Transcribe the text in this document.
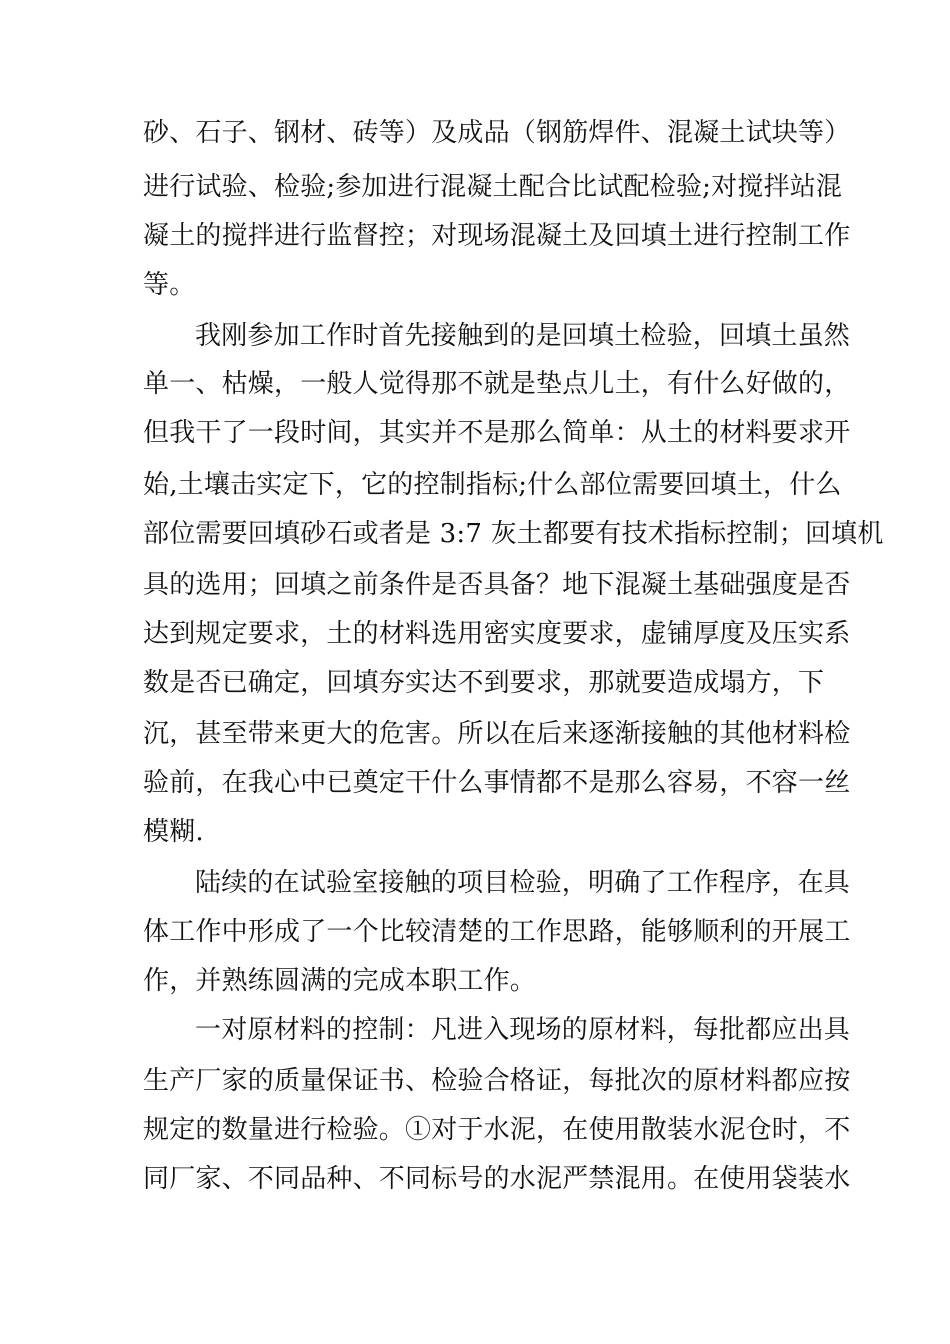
砂、石子、钢材、砖等）及成品（钢筋焊件、混凝土试块等）
进行试验、检验;参加进行混凝土配合比试配检验;对搅拌站混
凝土的搅拌进行监督控；对现场混凝土及回填土进行控制工作
等。
我刚参加工作时首先接触到的是回填土检验，回填土虽然
单一、枯燥，一般人觉得那不就是垫点儿土，有什么好做的，
但我干了一段时间，其实并不是那么简单：从土的材料要求开
始,土壤击实定下，它的控制指标;什么部位需要回填土，什么
部位需要回填砂石或者是 3:7 灰土都要有技术指标控制；回填机
具的选用；回填之前条件是否具备？地下混凝土基础强度是否
达到规定要求，土的材料选用密实度要求，虚铺厚度及压实系
数是否已确定，回填夯实达不到要求，那就要造成塌方，下
沉，甚至带来更大的危害。所以在后来逐渐接触的其他材料检
验前，在我心中已奠定干什么事情都不是那么容易，不容一丝
模糊.
陆续的在试验室接触的项目检验，明确了工作程序，在具
体工作中形成了一个比较清楚的工作思路，能够顺利的开展工
作，并熟练圆满的完成本职工作。
一对原材料的控制：凡进入现场的原材料，每批都应出具
生产厂家的质量保证书、检验合格证，每批次的原材料都应按
规定的数量进行检验。①对于水泥，在使用散装水泥仓时，不
同厂家、不同品种、不同标号的水泥严禁混用。在使用袋装水
